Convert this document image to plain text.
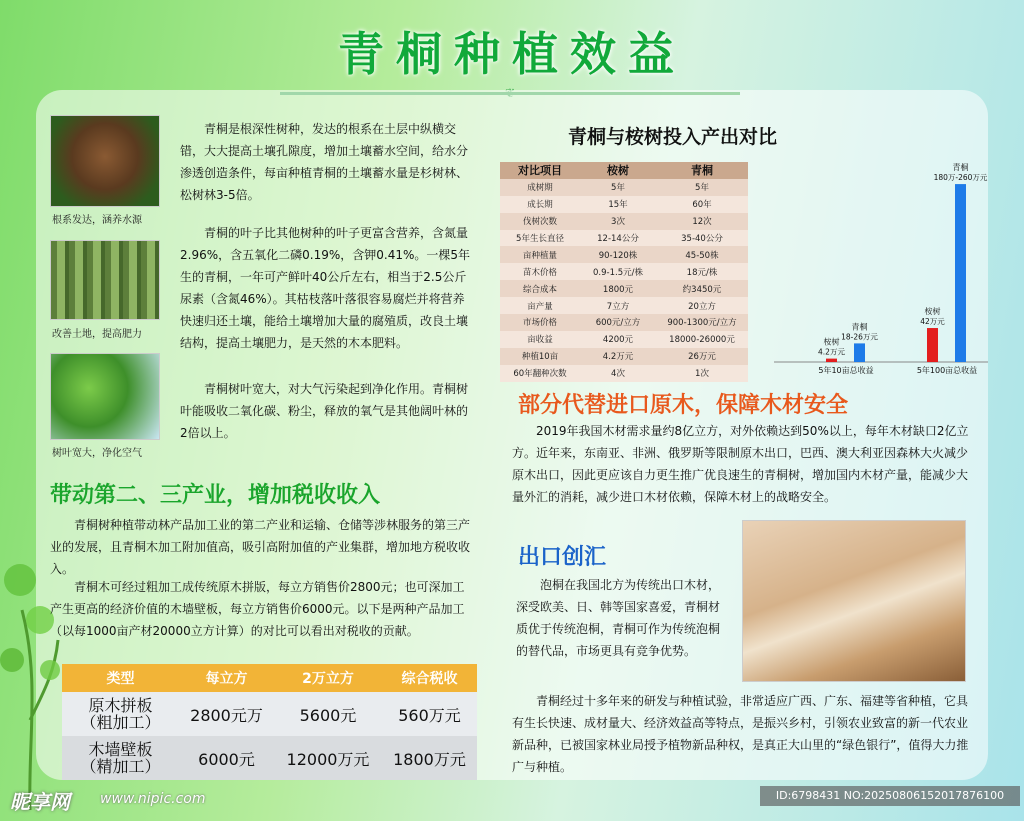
青桐种植效益
根系发达，涵养水源
改善土地，提高肥力
树叶宽大，净化空气

青桐是根深性树种，发达的根系在土层中纵横交错，大大提高土壤孔隙度，增加土壤蓄水空间，给水分渗透创造条件，每亩种植青桐的土壤蓄水量是杉树林、松树林3-5倍。

青桐的叶子比其他树种的叶子更富含营养，含氮量2.96%，含五氧化二磷0.19%，含钾0.41%。一棵5年生的青桐，一年可产鲜叶40公斤左右，相当于2.5公斤尿素（含氮46%）。其枯枝落叶落很容易腐烂并将营养快速归还土壤，能给土壤增加大量的腐殖质，改良土壤结构，提高土壤肥力，是天然的木本肥料。

青桐树叶宽大，对大气污染起到净化作用。青桐树叶能吸收二氧化碳、粉尘，释放的氧气是其他阔叶林的2倍以上。

带动第二、三产业，增加税收收入

青桐树种植带动林产品加工业的第二产业和运输、仓储等涉林服务的第三产业的发展，且青桐木加工附加值高，吸引高附加值的产业集群，增加地方税收收入。

青桐木可经过粗加工成传统原木拼版，每立方销售价2800元；也可深加工产生更高的经济价值的木墙壁板，每立方销售价6000元。以下是两种产品加工（以每1000亩产材20000立方计算）的对比可以看出对税收的贡献。

类型	每立方	2万立方	综合税收

原木拼板
（粗加工）	2800元万	5600元	560万元

木墙壁板
（精加工）	6000元	12000万元	1800万元
青桐与桉树投入产出对比
对比项目	桉树	青桐
成树期	5年	5年
成长期	15年	60年
伐树次数	3次	12次
5年生长直径	12-14公分	35-40公分
亩种植量	90-120株	45-50株
苗木价格	0.9-1.5元/株	18元/株
综合成本	1800元	约3450元
亩产量	7立方	20立方
市场价格	600元/立方	900-1300元/立方
亩收益	4200元	18000-26000元
种植10亩	4.2万元	26万元
60年翻种次数	4次	1次
桉树
4.2万元
青桐
18-26万元
5年10亩总收益
桉树
42万元
青桐
180万-260万元
5年100亩总收益
部分代替进口原木，保障木材安全

2019年我国木材需求量约8亿立方，对外依赖达到50%以上，每年木材缺口2亿立方。近年来，东南亚、非洲、俄罗斯等限制原木出口，巴西、澳大利亚因森林大火减少原木出口，因此更应该自力更生推广优良速生的青桐树，增加国内木材产量，能减少大量外汇的消耗，减少进口木材依赖，保障木材上的战略安全。

出口创汇

泡桐在我国北方为传统出口木材，深受欧美、日、韩等国家喜爱，青桐材质优于传统泡桐，青桐可作为传统泡桐的替代品，市场更具有竞争优势。

青桐经过十多年来的研发与种植试验，非常适应广西、广东、福建等省种植，它具有生长快速、成材量大、经济效益高等特点，是振兴乡村，引领农业致富的新一代农业新品种，已被国家林业局授予植物新品种权，是真正大山里的“绿色银行”，值得大力推广与种植。

昵享网 www.nipic.com	ID:6798431 NO:20250806152017876100
